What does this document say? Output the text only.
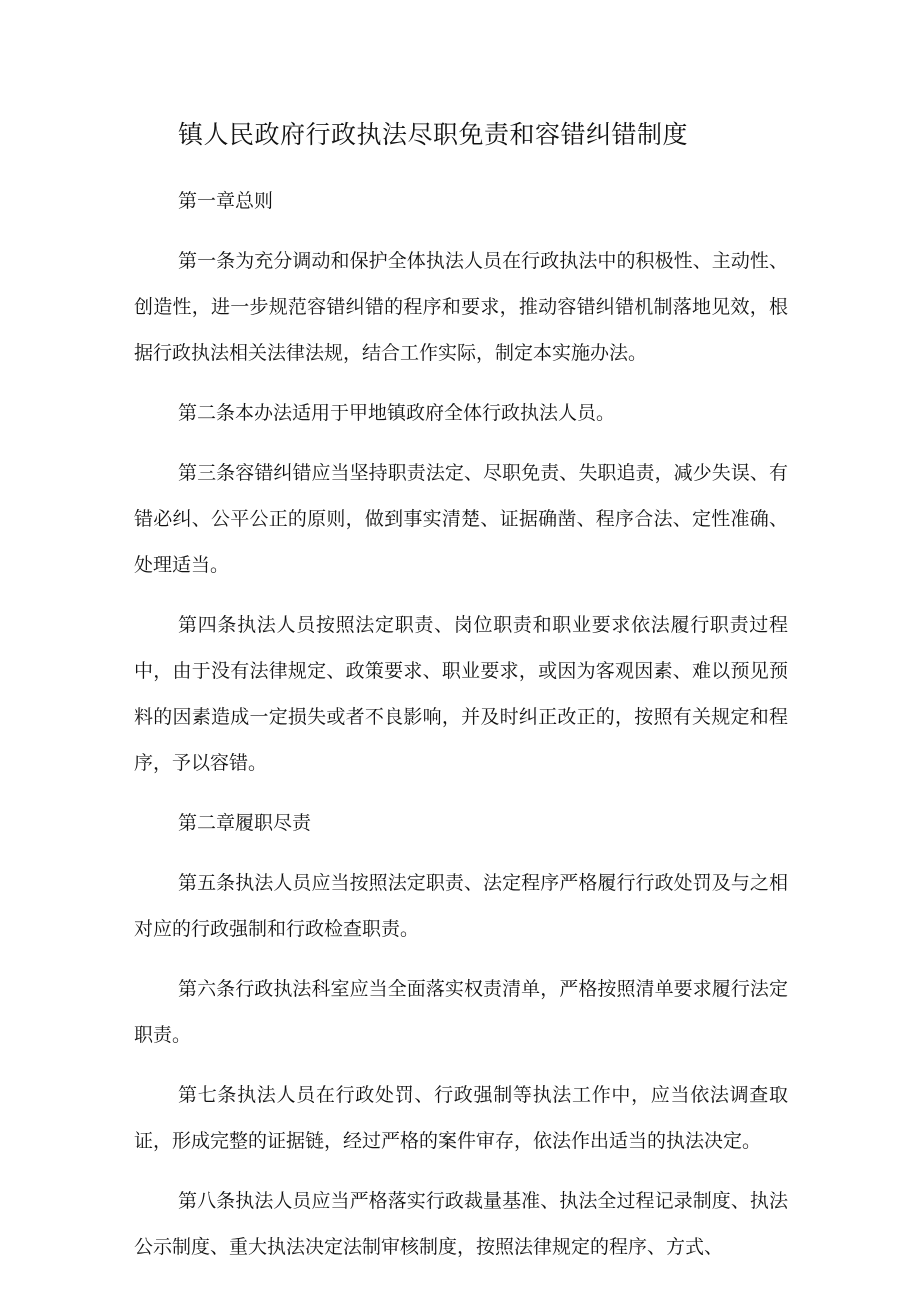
镇人民政府行政执法尽职免责和容错纠错制度

第一章总则

第一条为充分调动和保护全体执法人员在行政执法中的积极性、主动性、创造性，进一步规范容错纠错的程序和要求，推动容错纠错机制落地见效，根据行政执法相关法律法规，结合工作实际，制定本实施办法。

第二条本办法适用于甲地镇政府全体行政执法人员。

第三条容错纠错应当坚持职责法定、尽职免责、失职追责，减少失误、有错必纠、公平公正的原则，做到事实清楚、证据确凿、程序合法、定性准确、处理适当。

第四条执法人员按照法定职责、岗位职责和职业要求依法履行职责过程中，由于没有法律规定、政策要求、职业要求，或因为客观因素、难以预见预料的因素造成一定损失或者不良影响，并及时纠正改正的，按照有关规定和程序，予以容错。

第二章履职尽责

第五条执法人员应当按照法定职责、法定程序严格履行行政处罚及与之相对应的行政强制和行政检查职责。

第六条行政执法科室应当全面落实权责清单，严格按照清单要求履行法定职责。

第七条执法人员在行政处罚、行政强制等执法工作中，应当依法调查取证，形成完整的证据链，经过严格的案件审存，依法作出适当的执法决定。

第八条执法人员应当严格落实行政裁量基准、执法全过程记录制度、执法公示制度、重大执法决定法制审核制度，按照法律规定的程序、方式、
